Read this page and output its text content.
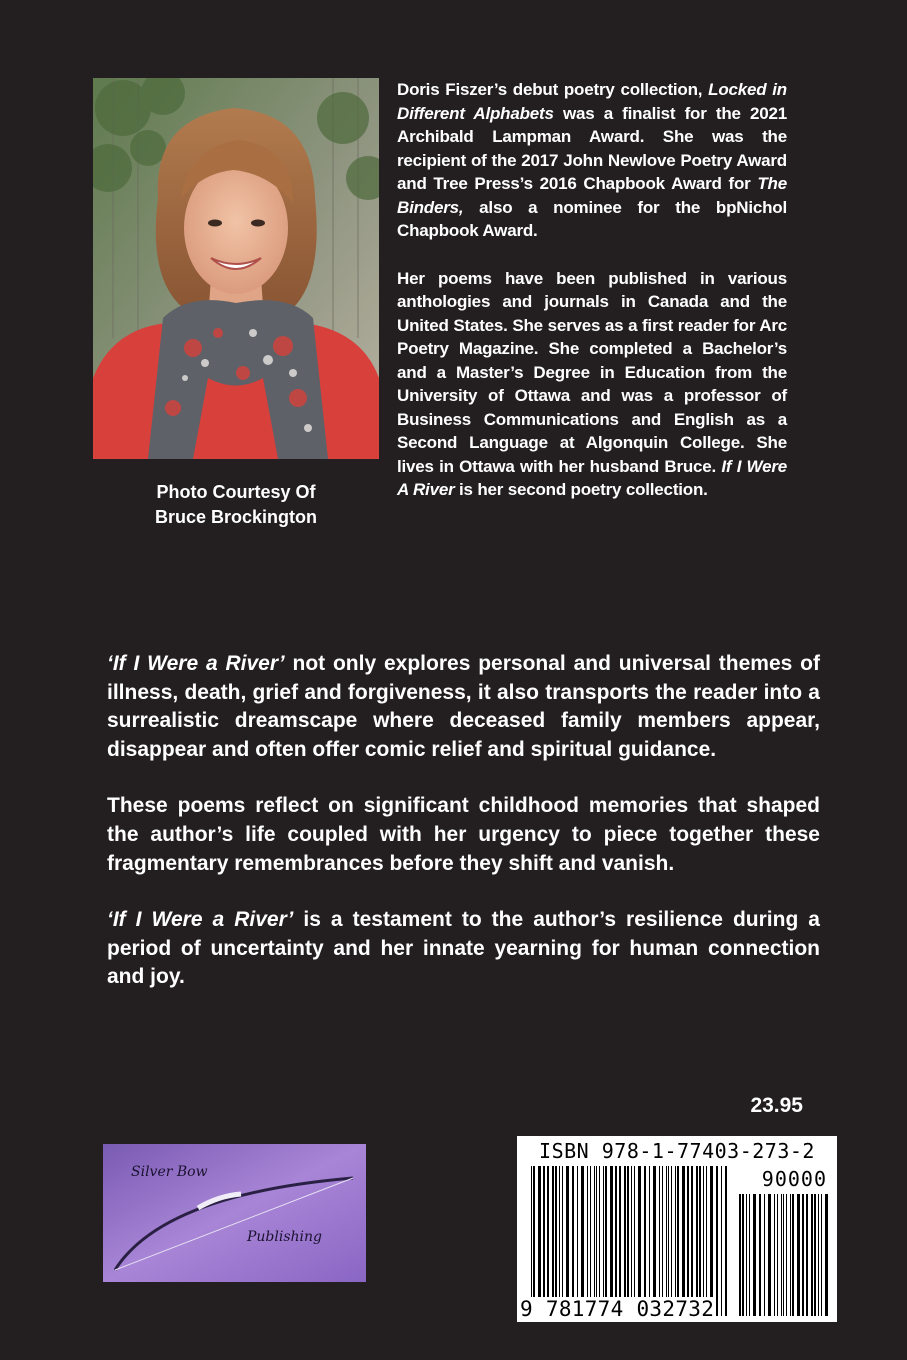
Photo Courtesy Of
Bruce Brockington

Doris Fiszer’s debut poetry collection, Locked in Different Alphabets was a finalist for the 2021 Archibald Lampman Award. She was the recipient of the 2017 John Newlove Poetry Award and Tree Press’s 2016 Chapbook Award for The Binders, also a nominee for the bpNichol Chapbook Award.

Her poems have been published in various anthologies and journals in Canada and the United States. She serves as a first reader for Arc Poetry Magazine. She completed a Bachelor’s and a Master’s Degree in Education from the University of Ottawa and was a professor of Business Communications and English as a Second Language at Algonquin College. She lives in Ottawa with her husband Bruce. If I Were A River is her second poetry collection.

‘If I Were a River’ not only explores personal and universal themes of illness, death, grief and forgiveness, it also transports the reader into a surrealistic dreamscape where deceased family members appear, disappear and often offer comic relief and spiritual guidance.

These poems reflect on significant childhood memories that shaped the author’s life coupled with her urgency to piece together these fragmentary remembrances before they shift and vanish.

‘If I Were a River’ is a testament to the author’s resilience during a period of uncertainty and her innate yearning for human connection and joy.

23.95
Silver Bow
Publishing
ISBN 978-1-77403-273-2
90000
9 781774 032732
